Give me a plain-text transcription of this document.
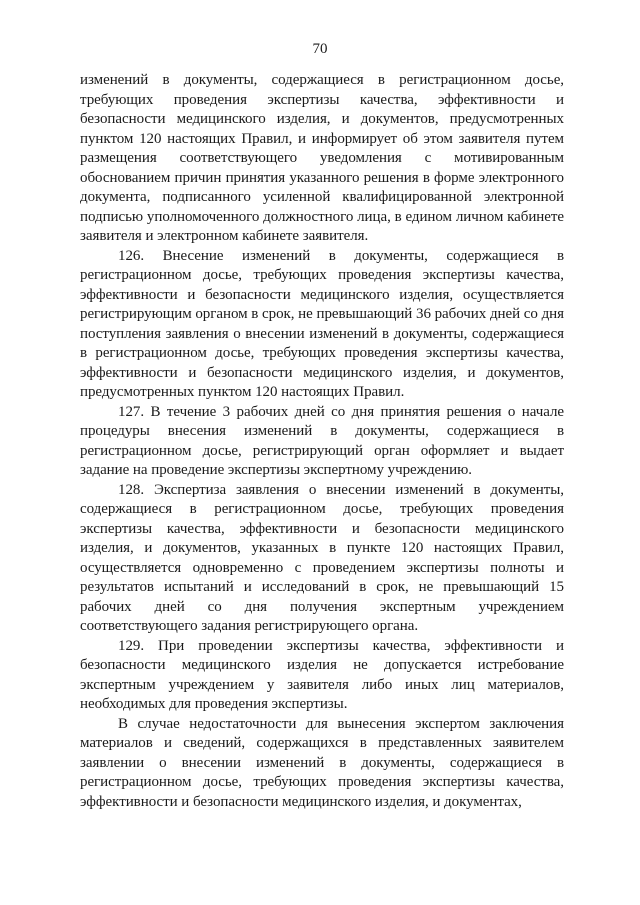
70

изменений в документы, содержащиеся в регистрационном досье, требующих проведения экспертизы качества, эффективности и безопасности медицинского изделия, и документов, предусмотренных пунктом 120 настоящих Правил, и информирует об этом заявителя путем размещения соответствующего уведомления с мотивированным обоснованием причин принятия указанного решения в форме электронного документа, подписанного усиленной квалифицированной электронной подписью уполномоченного должностного лица, в едином личном кабинете заявителя и электронном кабинете заявителя.

126. Внесение изменений в документы, содержащиеся в регистрационном досье, требующих проведения экспертизы качества, эффективности и безопасности медицинского изделия, осуществляется регистрирующим органом в срок, не превышающий 36 рабочих дней со дня поступления заявления о внесении изменений в документы, содержащиеся в регистрационном досье, требующих проведения экспертизы качества, эффективности и безопасности медицинского изделия, и документов, предусмотренных пунктом 120 настоящих Правил.

127. В течение 3 рабочих дней со дня принятия решения о начале процедуры внесения изменений в документы, содержащиеся в регистрационном досье, регистрирующий орган оформляет и выдает задание на проведение экспертизы экспертному учреждению.

128. Экспертиза заявления о внесении изменений в документы, содержащиеся в регистрационном досье, требующих проведения экспертизы качества, эффективности и безопасности медицинского изделия, и документов, указанных в пункте 120 настоящих Правил, осуществляется одновременно с проведением экспертизы полноты и результатов испытаний и исследований в срок, не превышающий 15 рабочих дней со дня получения экспертным учреждением соответствующего задания регистрирующего органа.

129. При проведении экспертизы качества, эффективности и безопасности медицинского изделия не допускается истребование экспертным учреждением у заявителя либо иных лиц материалов, необходимых для проведения экспертизы.

В случае недостаточности для вынесения экспертом заключения материалов и сведений, содержащихся в представленных заявителем заявлении о внесении изменений в документы, содержащиеся в регистрационном досье, требующих проведения экспертизы качества, эффективности и безопасности медицинского изделия, и документах,
